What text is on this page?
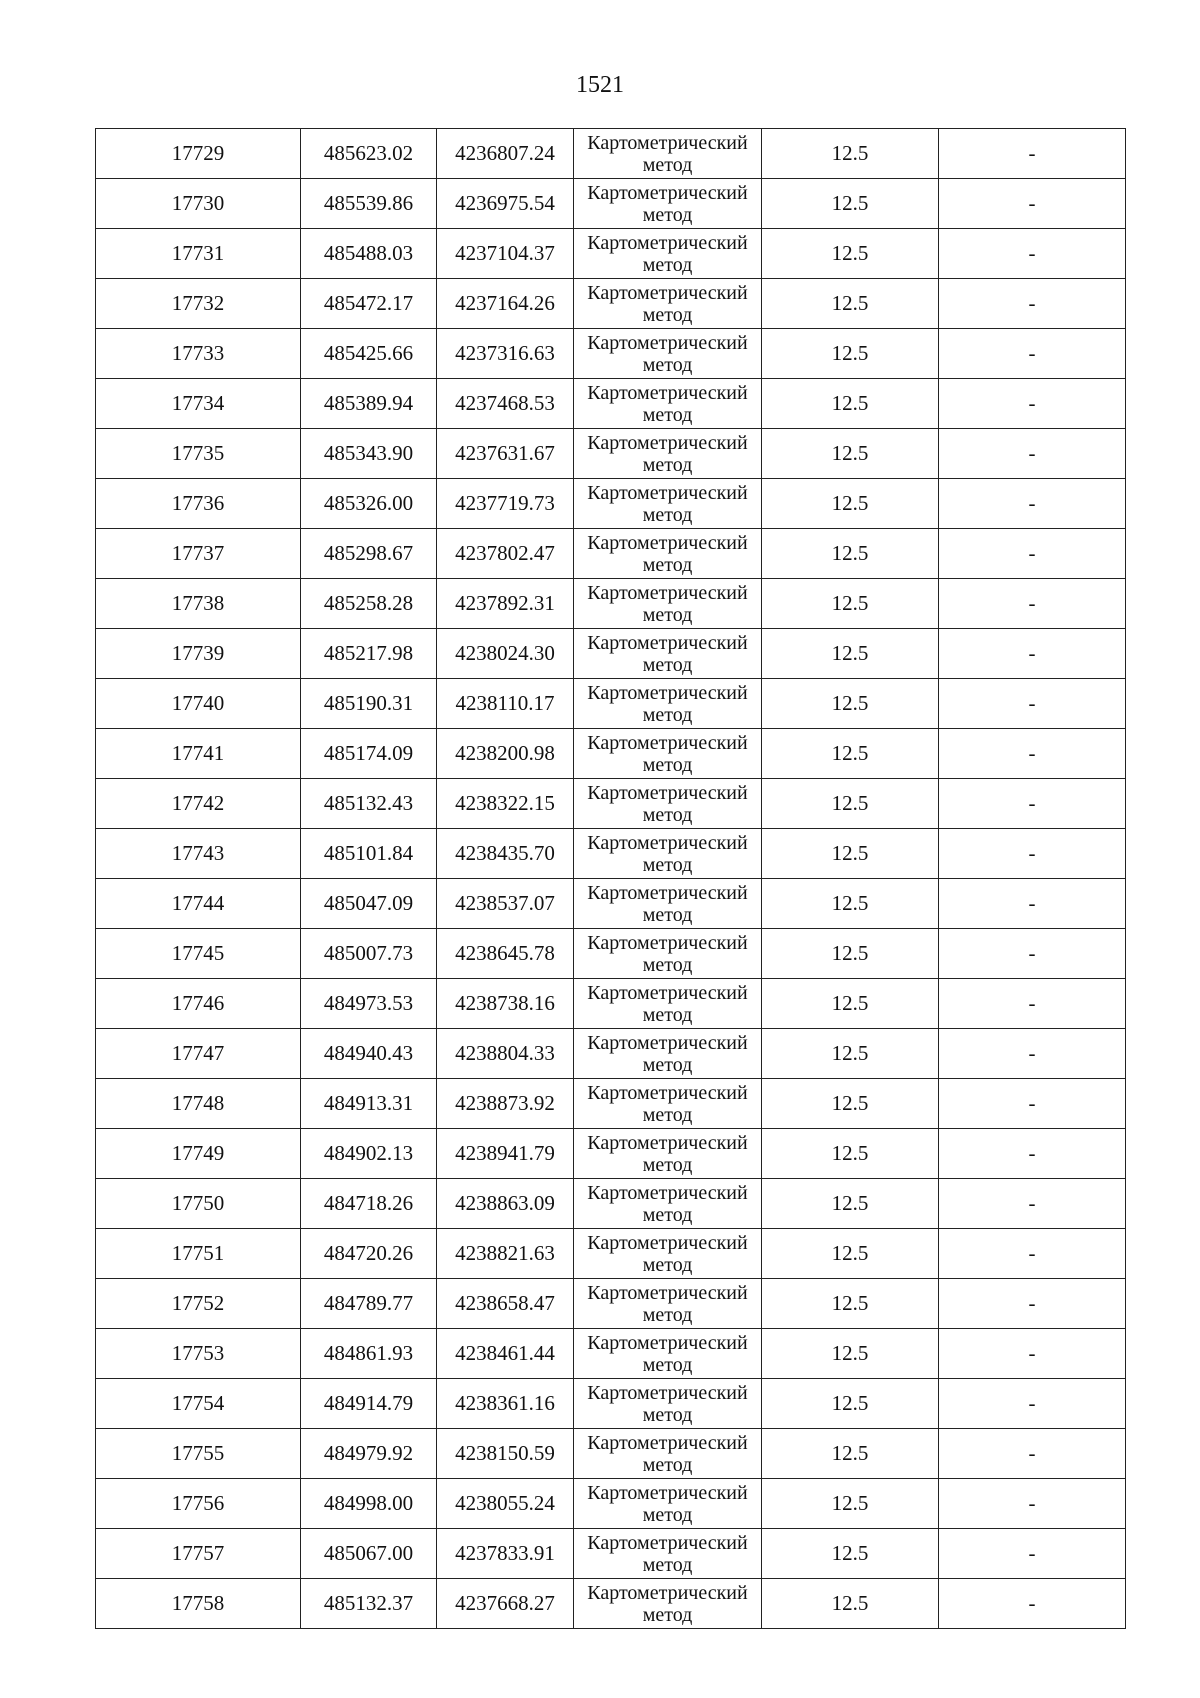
1521
17729	485623.02	4236807.24	Картометрический
метод	12.5	-
17730	485539.86	4236975.54	Картометрический
метод	12.5	-
17731	485488.03	4237104.37	Картометрический
метод	12.5	-
17732	485472.17	4237164.26	Картометрический
метод	12.5	-
17733	485425.66	4237316.63	Картометрический
метод	12.5	-
17734	485389.94	4237468.53	Картометрический
метод	12.5	-
17735	485343.90	4237631.67	Картометрический
метод	12.5	-
17736	485326.00	4237719.73	Картометрический
метод	12.5	-
17737	485298.67	4237802.47	Картометрический
метод	12.5	-
17738	485258.28	4237892.31	Картометрический
метод	12.5	-
17739	485217.98	4238024.30	Картометрический
метод	12.5	-
17740	485190.31	4238110.17	Картометрический
метод	12.5	-
17741	485174.09	4238200.98	Картометрический
метод	12.5	-
17742	485132.43	4238322.15	Картометрический
метод	12.5	-
17743	485101.84	4238435.70	Картометрический
метод	12.5	-
17744	485047.09	4238537.07	Картометрический
метод	12.5	-
17745	485007.73	4238645.78	Картометрический
метод	12.5	-
17746	484973.53	4238738.16	Картометрический
метод	12.5	-
17747	484940.43	4238804.33	Картометрический
метод	12.5	-
17748	484913.31	4238873.92	Картометрический
метод	12.5	-
17749	484902.13	4238941.79	Картометрический
метод	12.5	-
17750	484718.26	4238863.09	Картометрический
метод	12.5	-
17751	484720.26	4238821.63	Картометрический
метод	12.5	-
17752	484789.77	4238658.47	Картометрический
метод	12.5	-
17753	484861.93	4238461.44	Картометрический
метод	12.5	-
17754	484914.79	4238361.16	Картометрический
метод	12.5	-
17755	484979.92	4238150.59	Картометрический
метод	12.5	-
17756	484998.00	4238055.24	Картометрический
метод	12.5	-
17757	485067.00	4237833.91	Картометрический
метод	12.5	-
17758	485132.37	4237668.27	Картометрический
метод	12.5	-
